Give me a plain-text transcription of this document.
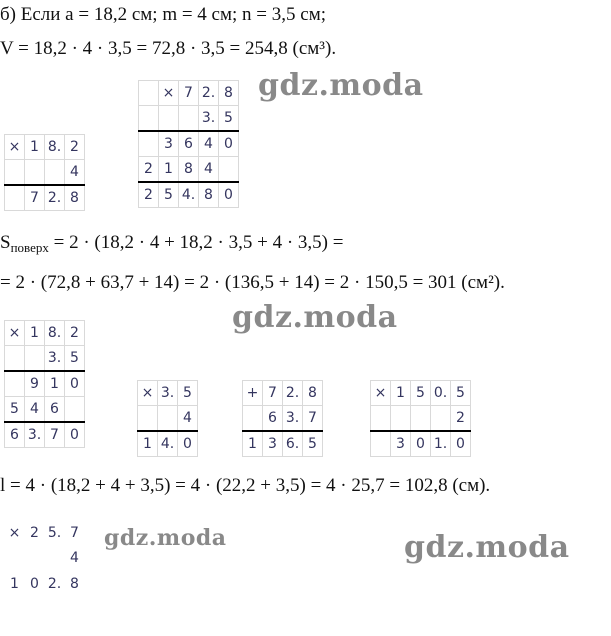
б) Если a = 18,2 см; m = 4 см; n = 3,5 см;
V = 18,2 · 4 · 3,5 = 72,8 · 3,5 = 254,8 (см³).
$S_{поверх} = 2 \cdot (18,2 \cdot 4 + 18,2 \cdot 3,5 + 4 \cdot 3,5)$ =
= 2 · (72,8 + 63,7 + 14) = 2 · (136,5 + 14) = 2 · 150,5 = 301 (см²).
l = 4 · (18,2 + 4 + 3,5) = 4 · (22,2 + 3,5) = 4 · 25,7 = 102,8 (см).
gdz.moda
gdz.moda
gdz.moda	gdz.moda
×	1	8.	2
			4
	7	2.	8
	×	7	2.	8
			3.	5
	3	6	4	0
2	1	8	4	
2	5	4.	8	0
×	1	8.	2
		3.	5
	9	1	0
5	4	6	
6	3.	7	0
×	3.	5
		4
1	4.	0
+	7	2.	8
	6	3.	7
1	3	6.	5
×	1	5	0.	5
				2
	3	0	1.	0
×	2	5.	7
			4
1	0	2.	8
